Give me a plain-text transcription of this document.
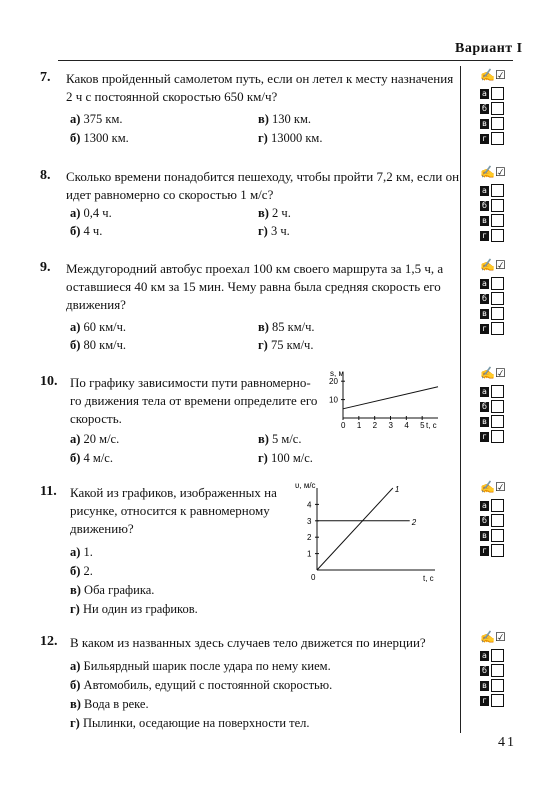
Вариант I
7. Каков пройденный самолетом путь, если он летел к месту назначения
2 ч с постоянной скоростью 650 км/ч?
а) 375 км.	в) 130 км.
б) 1300 км.	г) 13000 км.
8. Сколько времени понадобится пешеходу, чтобы пройти 7,2 км, если он
идет равномерно со скоростью 1 м/с?
а) 0,4 ч.	в) 2 ч.
б) 4 ч.	г) 3 ч.
9. Междугородний автобус проехал 100 км своего маршрута за 1,5 ч, а
оставшиеся 40 км за 15 мин. Чему равна была средняя скорость его
движения?
а) 60 км/ч.	в) 85 км/ч.
б) 80 км/ч.	г) 75 км/ч.
10. По графику зависимости пути равномерно-
го движения тела от времени определите его
скорость.
а) 20 м/с.	в) 5 м/с.
б) 4 м/с.	г) 100 м/с.
s, м
t, c
10
20
0 1 2 3 4 5
11. Какой из графиков, изображенных на
рисунке, относится к равномерному
движению?
а) 1.
б) 2.
в) Оба графика.
г) Ни один из графиков.
υ, м/с
t, c
1
2
3
4
0
1
2
12. В каком из названных здесь случаев тело движется по инерции?
а) Бильярдный шарик после удара по нему кием.
б) Автомобиль, едущий с постоянной скоростью.
в) Вода в реке.
г) Пылинки, оседающие на поверхности тел.
✍☑
а
б
в
г
✍☑
а
б
в
г
✍☑
а
б
в
г
✍☑
а
б
в
г
✍☑
а
б
в
г
✍☑
а
б
в
г
41
